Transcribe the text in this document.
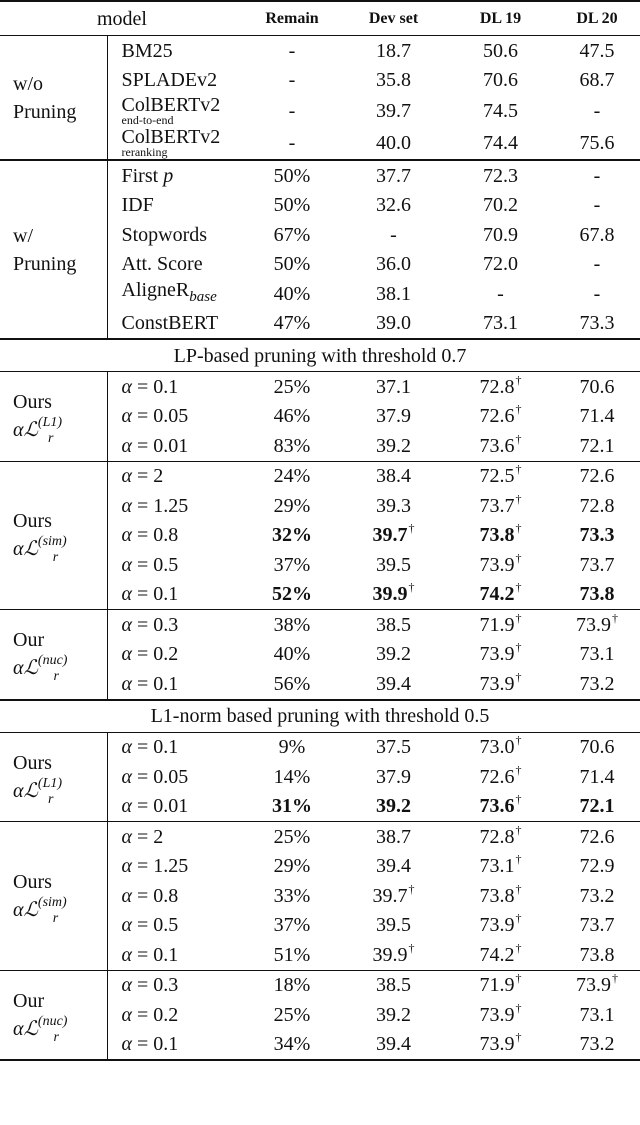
model		Remain	Dev set	DL 19	DL 20

w/o
Pruning	BM25	-	18.7	50.6	47.5
	SPLADEv2	-	35.8	70.6	68.7
	ColBERTv2
end-to-end	-	39.7	74.5	-
	ColBERTv2
reranking	-	40.0	74.4	75.6

w/
Pruning	First p	50%	37.7	72.3	-
	IDF	50%	32.6	70.2	-
	Stopwords	67%	-	70.9	67.8
	Att. Score	50%	36.0	72.0	-
	AligneR$_{base}$	40%	38.1	-	-
	ConstBERT	47%	39.0	73.1	73.3
LP-based pruning with threshold 0.7					

Ours
αℒ$^{(L1)}_r$	α = 0.1	25%	37.1	72.8†	70.6
	α = 0.05	46%	37.9	72.6†	71.4
	α = 0.01	83%	39.2	73.6†	72.1

Ours
αℒ$^{(sim)}_r$	α = 2	24%	38.4	72.5†	72.6
	α = 1.25	29%	39.3	73.7†	72.8
	α = 0.8	32%	39.7†	73.8†	73.3
	α = 0.5	37%	39.5	73.9†	73.7
	α = 0.1	52%	39.9†	74.2†	73.8

Our
αℒ$^{(nuc)}_r$	α = 0.3	38%	38.5	71.9†	73.9†
	α = 0.2	40%	39.2	73.9†	73.1
	α = 0.1	56%	39.4	73.9†	73.2
L1-norm based pruning with threshold 0.5					

Ours
αℒ$^{(L1)}_r$	α = 0.1	9%	37.5	73.0†	70.6
	α = 0.05	14%	37.9	72.6†	71.4
	α = 0.01	31%	39.2	73.6†	72.1

Ours
αℒ$^{(sim)}_r$	α = 2	25%	38.7	72.8†	72.6
	α = 1.25	29%	39.4	73.1†	72.9
	α = 0.8	33%	39.7†	73.8†	73.2
	α = 0.5	37%	39.5	73.9†	73.7
	α = 0.1	51%	39.9†	74.2†	73.8

Our
αℒ$^{(nuc)}_r$	α = 0.3	18%	38.5	71.9†	73.9†
	α = 0.2	25%	39.2	73.9†	73.1
	α = 0.1	34%	39.4	73.9†	73.2
